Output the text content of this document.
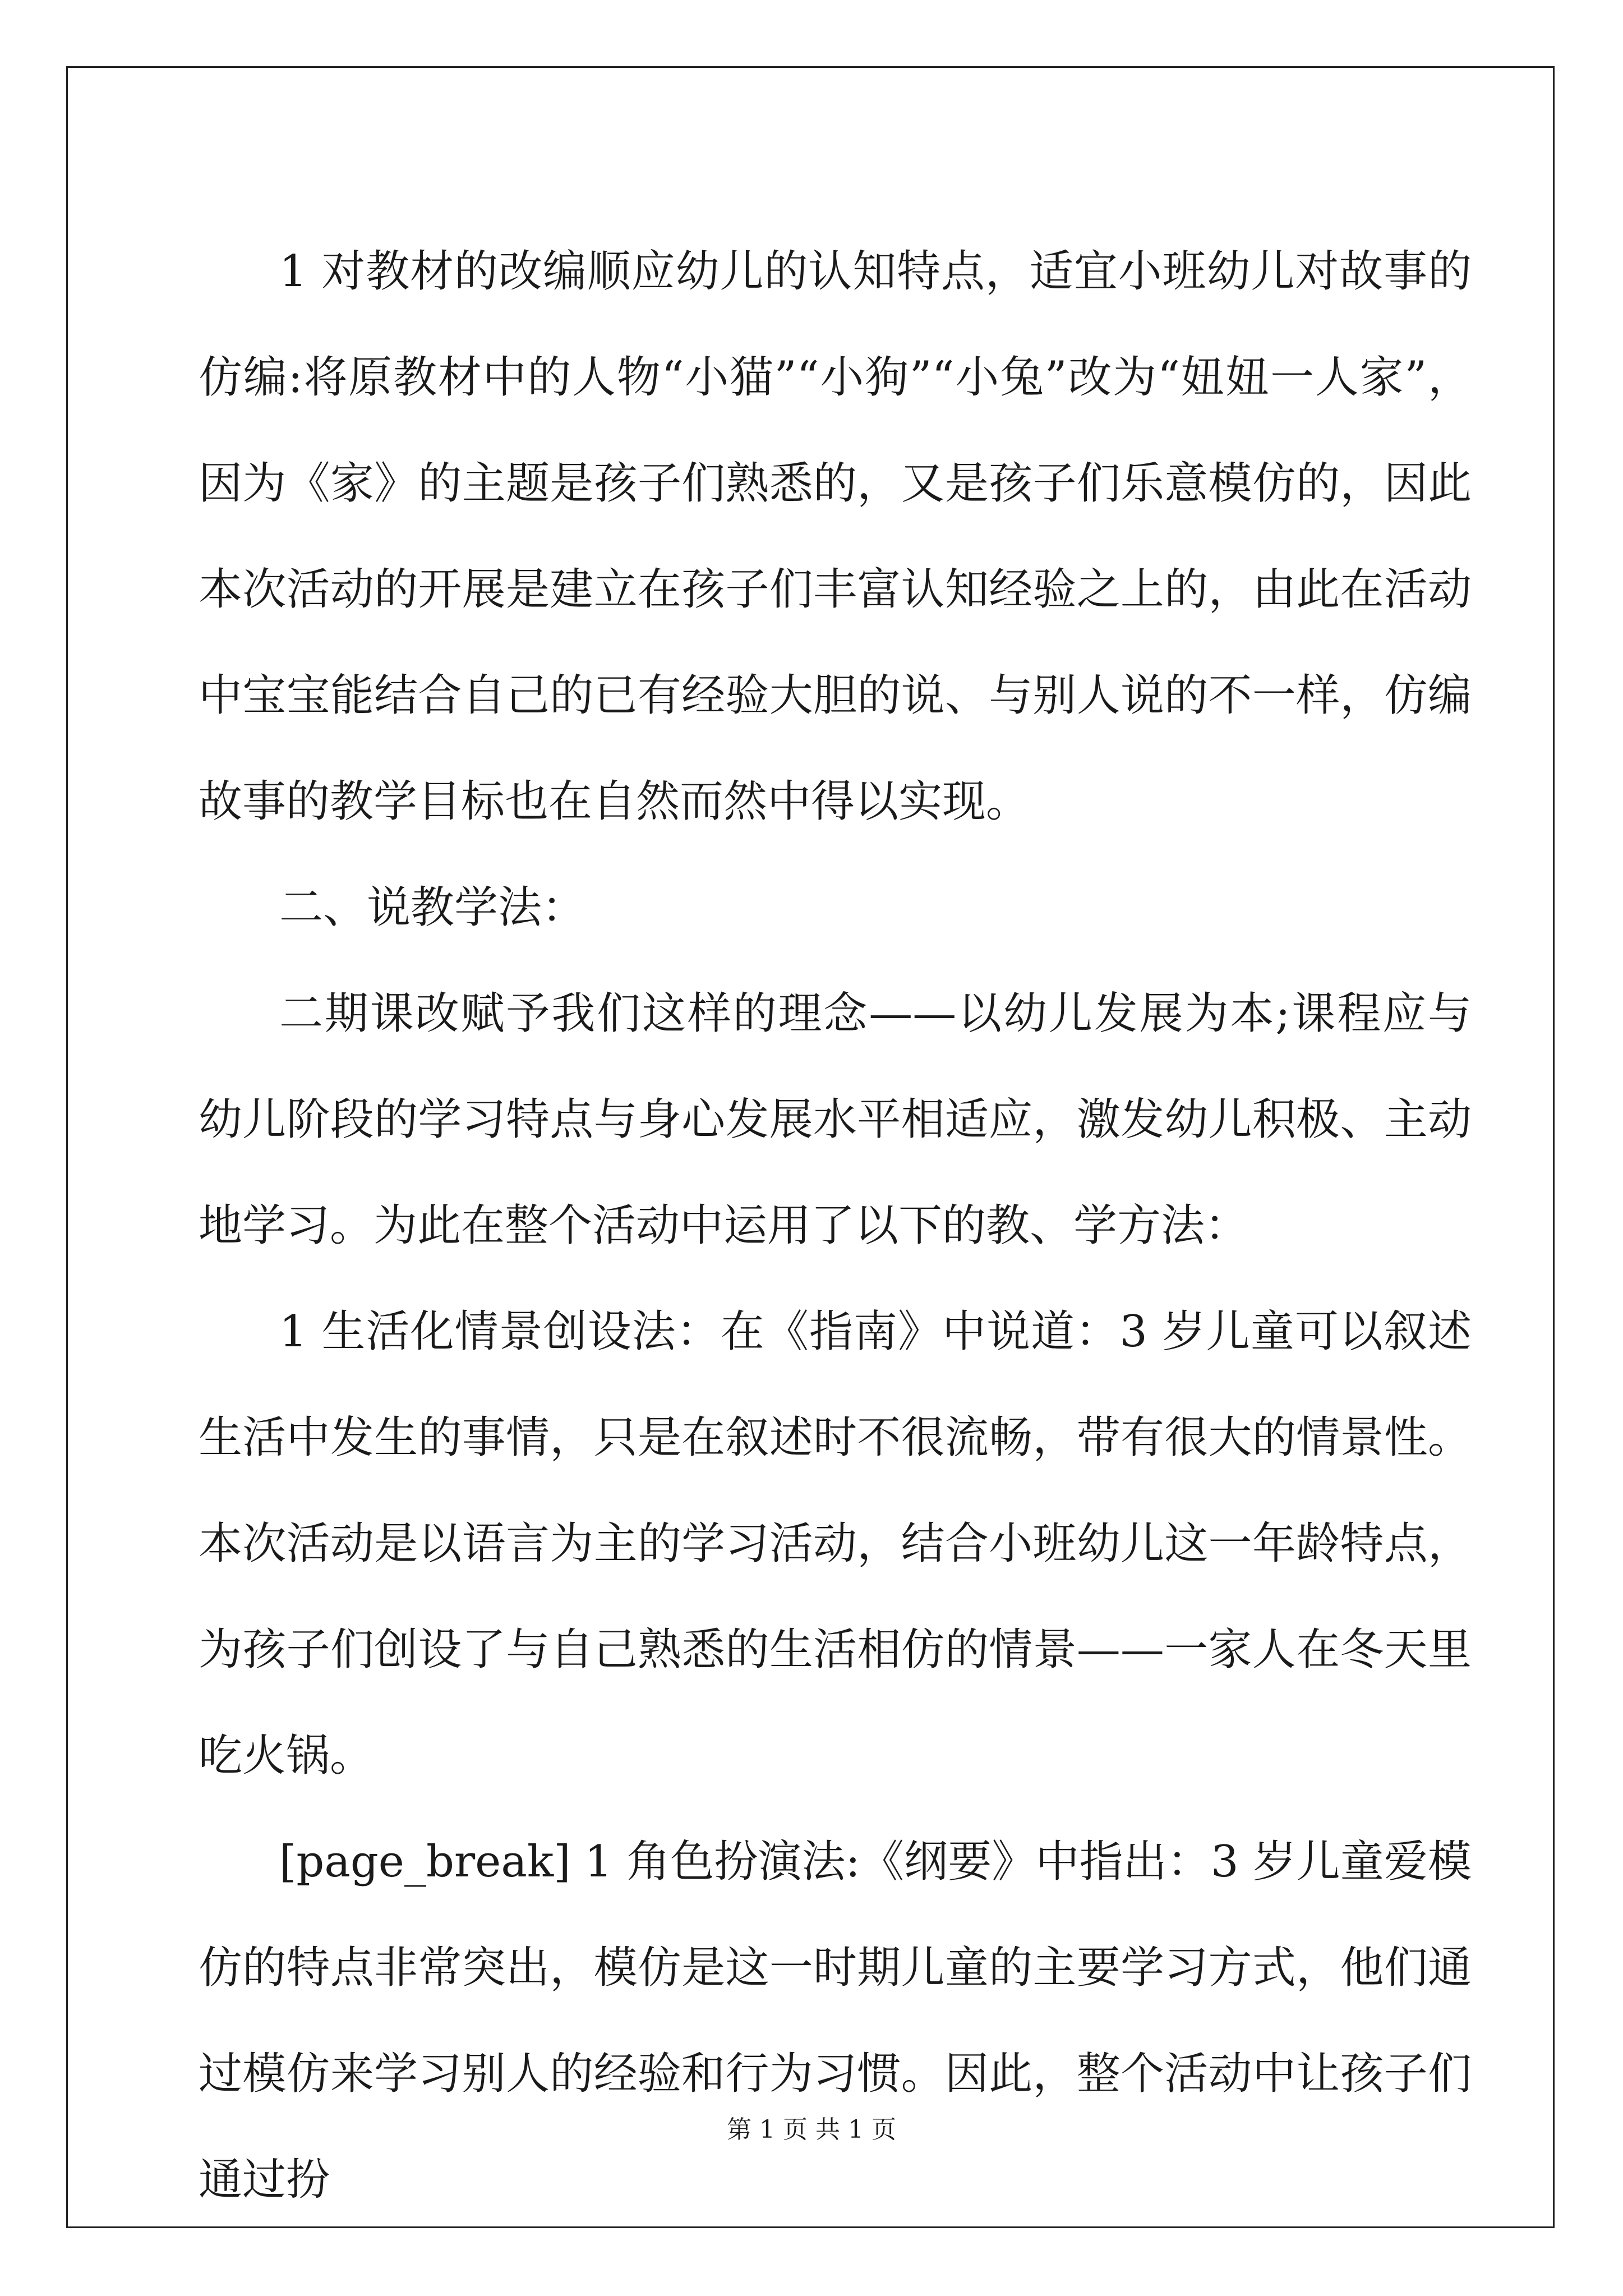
1 对教材的改编顺应幼儿的认知特点，适宜小班幼儿对故事的仿编:将原教材中的人物“小猫”“小狗”“小兔”改为“妞妞一人家”，因为《家》的主题是孩子们熟悉的，又是孩子们乐意模仿的，因此本次活动的开展是建立在孩子们丰富认知经验之上的，由此在活动中宝宝能结合自己的已有经验大胆的说、与别人说的不一样，仿编故事的教学目标也在自然而然中得以实现。

二、说教学法：

二期课改赋予我们这样的理念——以幼儿发展为本;课程应与幼儿阶段的学习特点与身心发展水平相适应，激发幼儿积极、主动地学习。为此在整个活动中运用了以下的教、学方法：

1 生活化情景创设法：在《指南》中说道：3 岁儿童可以叙述生活中发生的事情，只是在叙述时不很流畅，带有很大的情景性。本次活动是以语言为主的学习活动，结合小班幼儿这一年龄特点，为孩子们创设了与自己熟悉的生活相仿的情景——一家人在冬天里吃火锅。

[page_break] 1 角色扮演法:《纲要》中指出：3 岁儿童爱模仿的特点非常突出，模仿是这一时期儿童的主要学习方式，他们通过模仿来学习别人的经验和行为习惯。因此，整个活动中让孩子们通过扮

第 1 页 共 1 页
